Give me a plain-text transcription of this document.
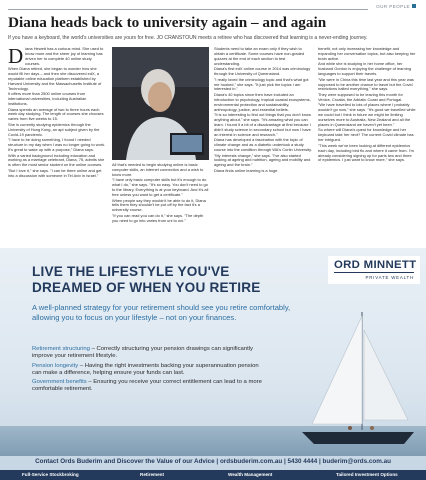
OUR PEOPLE
Diana heads back to university again – and again
If you have a keyboard, the world's universities are yours for free. JO CRANSTOUN meets a retiree who has discovered that learning is a never-ending journey.
D iana Hewett has a curious mind. She used to know more and the sheer joy of learning has driven her to complete 40 online study courses.

When Diana retired, she began to wonder how she would fill her days – and then she discovered edX, a reputable online education platform established by Harvard University and the Massachusetts Institute of Technology.

It offers more than 2500 online courses from international universities, including Australian institutions.

Diana spends an average of two to three hours each week day studying. The length of courses she chooses varies from five weeks to 15.

She is currently studying epidemics through the University of Hong Kong, an apt subject given by the Covid-19 pandemic.

"I have to be doing something, I found I needed structure in my day when I was no longer going to work. It's great to wake up with a purpose," Diana says.

With a varied background including education and working as a marriage celebrant, Diana, 75, admits she is often the most senior student on the online courses.

"But I love it," she says. "I can be there online and get into a discussion with someone in Tel Aviv in Israel."

All that's needed to begin studying online is basic computer skills, an internet connection and a wish to know more.

"I have only basic computer skills but it's enough to do what I do," she says. "It's so easy. You don't need to go to the library. Everything is at your keyboard. And it's all free unless you want to get a certificate."

When people say they wouldn't be able to do it, Diana tells them they shouldn't be put off by the fact it's a university course.

"If you can read you can do it," she says. "The depth you need to go into varies from uni to uni."

Students need to take an exam only if they wish to obtain a certificate. Some courses have non-graded quizzes at the end of each section to test understanding.

Diana's first edX online course in 2014 was criminology through the University of Queensland.

"I really loved the criminology topic and that's what got me hooked," she says. "It just pick the topics I am interested in."

Diana's 40 topics since then have included an introduction to psychology, tropical coastal ecosystems, environmental protection and sustainability, anthropology, justice, and essential beliefs.

"It is so interesting to find out things that you don't know anything about," she says. "It's amazing what you can learn. I found it a bit of a disadvantage at first because I didn't study science in secondary school but now I have an interest in science and research."

Diana has developed a fascination with the topic of climate change and as a diabetic undertook a study course into the condition through WA's Curtin University.

"My interests change," she says. "I've also started looking at ageing and nutrition, ageing and mobility and ageing and the brain."

Diana finds online learning is a huge

benefit, not only increasing her knowledge and expanding her conversation topics, but also keeping her brain active.

And while she is studying in her home office, her husband Gordon is enjoying the challenge of learning languages to support their travels.

"We were in China this time last year and this year was supposed to be another chance to travel but the Covid restrictions halted everything," she says.

They were supposed to be leaving this month for Venice, Croatia, the Adriatic Coast and Portugal.

"We have travelled to lots of places where I probably wouldn't go now," she says. "It's good we travelled while we could but I think in future we might be limiting ourselves more to Australia, New Zealand and all the places in Queensland we haven't yet been."

So where will Diana's quest for knowledge and her keyboard take her next? The current Covid climate has her intrigued.

"This week we've been looking at different epidemics each day, including bird flu and where it came from. I'm already considering signing up for parts two and three of epidemics. I just want to know more," she says.

ORD MINNETT
PRIVATE WEALTH
LIVE THE LIFESTYLE YOU'VE
DREAMED OF WHEN YOU RETIRE
A well-planned strategy for your retirement should see you retire comfortably, allowing you to focus on your lifestyle – not on your finances.
Retirement structuring – Correctly structuring your pension drawings can significantly improve your retirement lifestyle.
Pension longevity – Having the right investments backing your superannuation pension can make a difference, helping ensure your funds can last.
Government benefits – Ensuring you receive your correct entitlement can lead to a more comfortable retirement.
Contact Ords Buderim and Discover the Value of our Advice | ordsbuderim.com.au | 5430 4444 | buderim@ords.com.au
Full-Service Stockbroking	Retirement	Wealth Management	Tailored Investment Options
